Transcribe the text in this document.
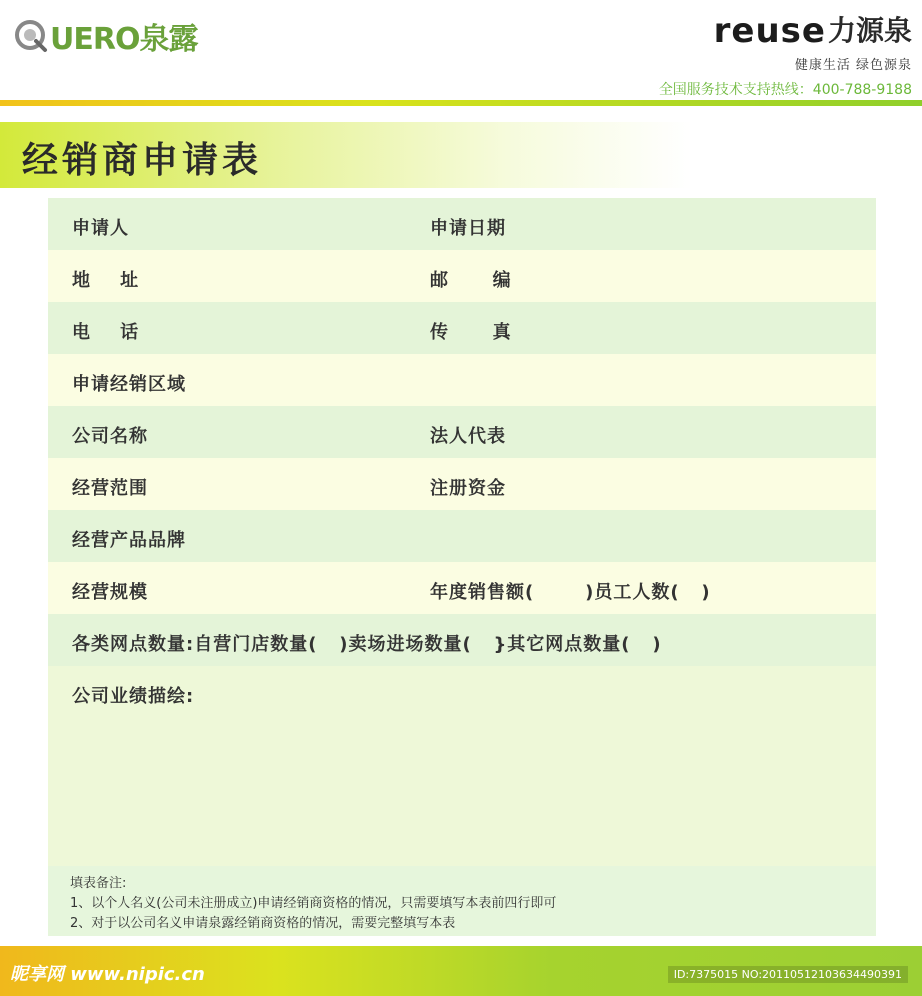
UERO泉露	reuse 力源泉
健康生活 绿色源泉
全国服务技术支持热线：400-788-9188
经销商申请表
申请人	申请日期
地    址	邮      编
电    话	传      真
申请经销区域
公司名称	法人代表
经营范围	注册资金
经营产品品牌
经营规模	年度销售额(       )员工人数(   )
各类网点数量:自营门店数量(   )卖场进场数量(   }其它网点数量(   )
公司业绩描绘:
填表备注:
1、以个人名义(公司未注册成立)申请经销商资格的情况，只需要填写本表前四行即可
2、对于以公司名义申请泉露经销商资格的情况，需要完整填写本表
昵享网 www.nipic.cn	ID:7375015 NO:20110512103634490391
